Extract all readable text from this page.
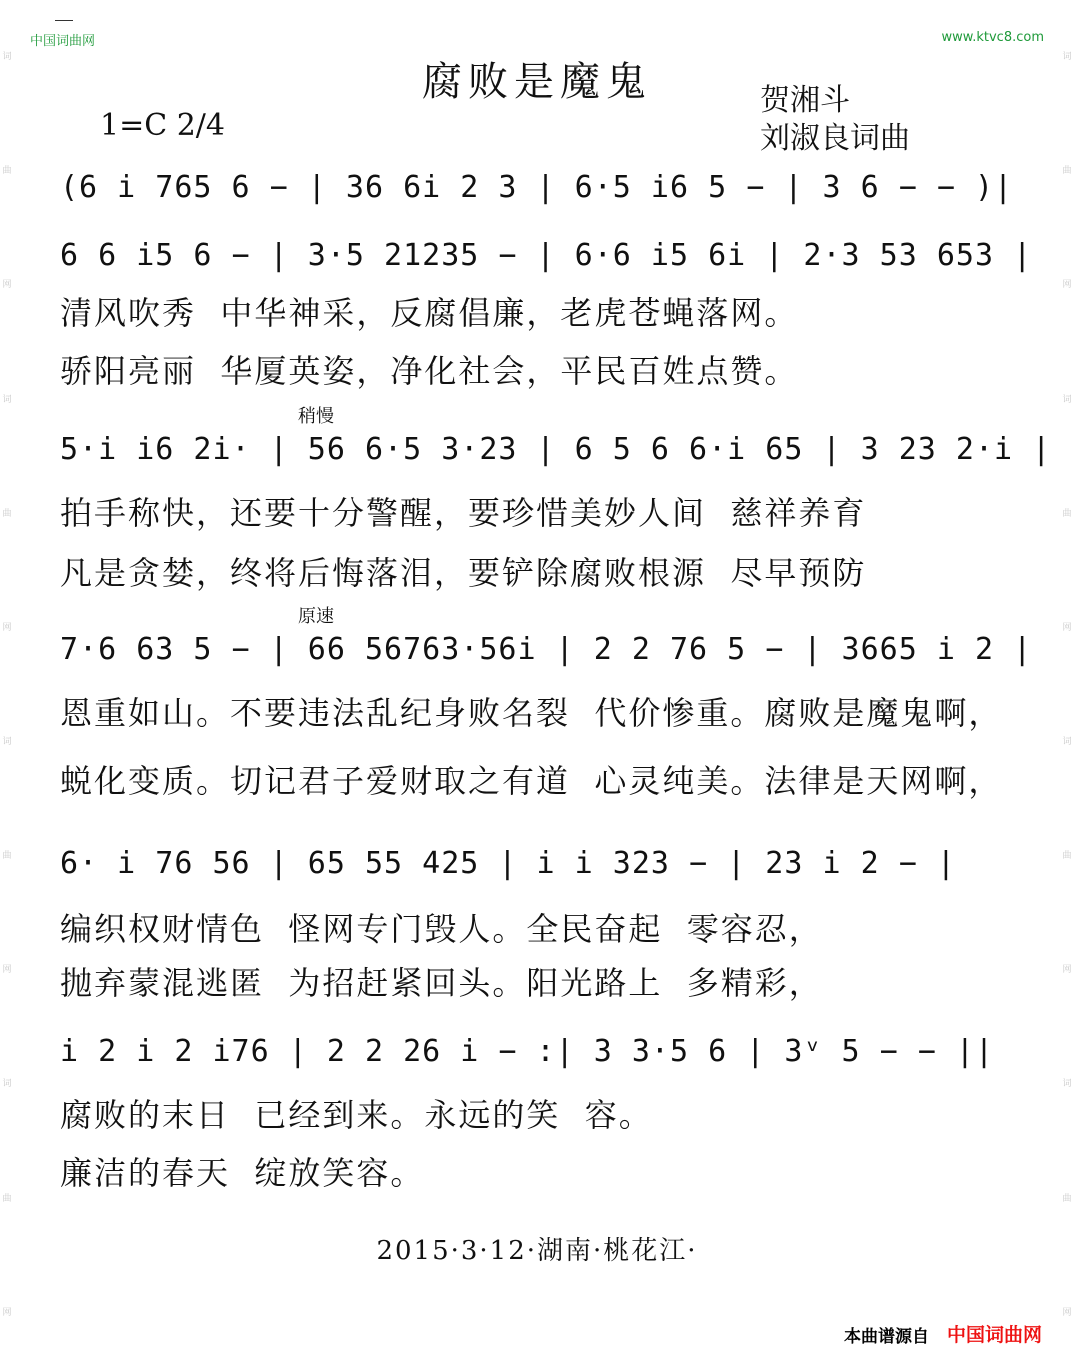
词
曲
网
词
曲
网
词
曲
网
词
曲
网
词
曲
网
词
曲
网
词
曲
网
词
曲
网
中国词曲网	www.ktvc8.com
腐败是魔鬼
1=C 2/4
贺湘斗
刘淑良词曲
稍慢
原速
(6 i 765 6 − | 36 6i 2 3 | 6·5 i6 5 − | 3 6 − − )|
6 6 i5 6 − | 3·5 21235 − | 6·6 i5 6i | 2·3 53 653 |
清风吹秀  中华神采，反腐倡廉，老虎苍蝇落网。
骄阳亮丽  华厦英姿，净化社会，平民百姓点赞。
5·i i6 2i· | 56 6·5 3·23 | 6 5 6 6·i 65 | 3 23 2·i |
拍手称快，还要十分警醒，要珍惜美妙人间  慈祥养育
凡是贪婪，终将后悔落泪，要铲除腐败根源  尽早预防
7·6 63 5 − | 66 56763·56i | 2 2 76 5 − | 3665 i 2 |
恩重如山。不要违法乱纪身败名裂  代价惨重。腐败是魔鬼啊，
蜕化变质。切记君子爱财取之有道  心灵纯美。法律是天网啊，
6· i 76 56 | 65 55 425 | i i 323 − | 23 i 2 − |
编织权财情色  怪网专门毁人。全民奋起  零容忍，
抛弃蒙混逃匿  为招赶紧回头。阳光路上  多精彩，
i 2 i 2 i76 | 2 2 26 i − :| 3 3·5 6 | 3ᵛ 5 − − ||
腐败的末日  已经到来。永远的笑  容。
廉洁的春天  绽放笑容。
2015·3·12·湖南·桃花江·
本曲谱源自 中国词曲网
